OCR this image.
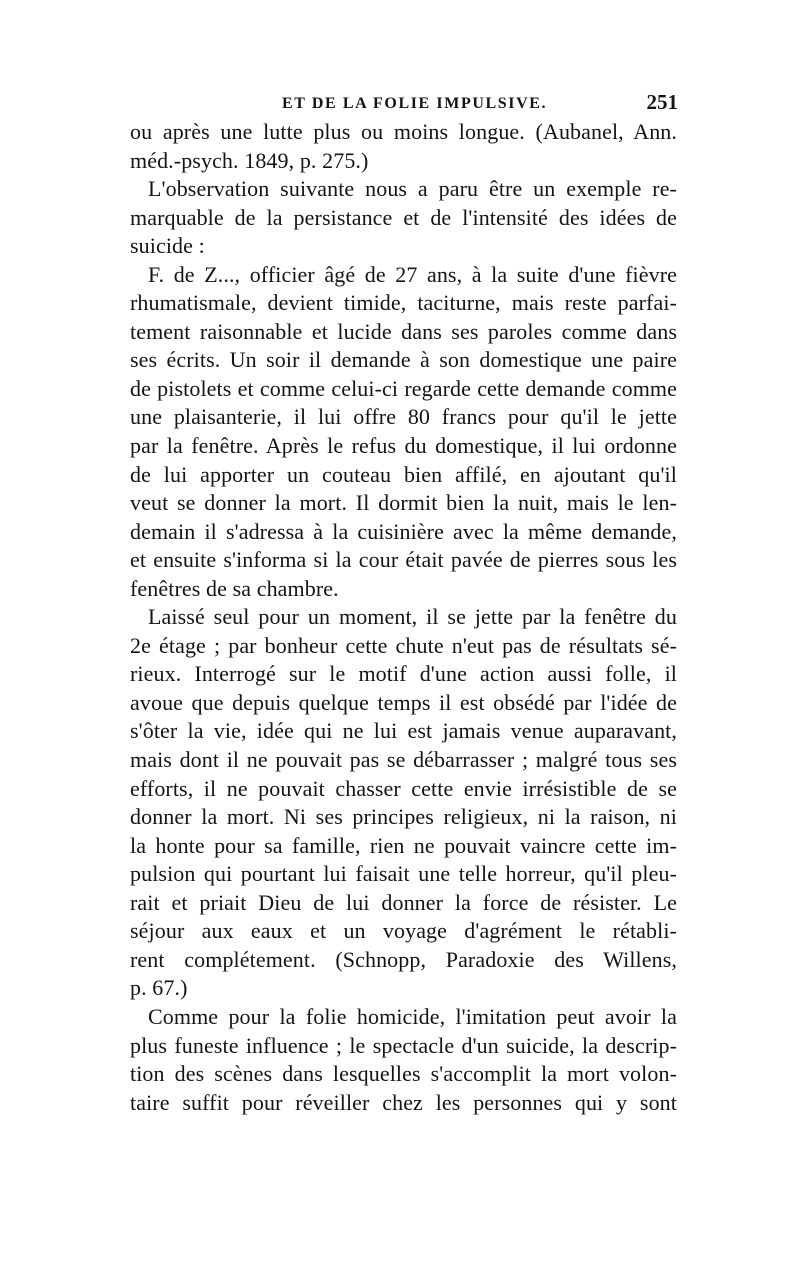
ET DE LA FOLIE IMPULSIVE.	251
ou après une lutte plus ou moins longue. (Aubanel, Ann.
méd.-psych. 1849, p. 275.)
L'observation suivante nous a paru être un exemple re-
marquable de la persistance et de l'intensité des idées de
suicide :
F. de Z..., officier âgé de 27 ans, à la suite d'une fièvre
rhumatismale, devient timide, taciturne, mais reste parfai-
tement raisonnable et lucide dans ses paroles comme dans
ses écrits. Un soir il demande à son domestique une paire
de pistolets et comme celui-ci regarde cette demande comme
une plaisanterie, il lui offre 80 francs pour qu'il le jette
par la fenêtre. Après le refus du domestique, il lui ordonne
de lui apporter un couteau bien affilé, en ajoutant qu'il
veut se donner la mort. Il dormit bien la nuit, mais le len-
demain il s'adressa à la cuisinière avec la même demande,
et ensuite s'informa si la cour était pavée de pierres sous les
fenêtres de sa chambre.
Laissé seul pour un moment, il se jette par la fenêtre du
2e étage ; par bonheur cette chute n'eut pas de résultats sé-
rieux. Interrogé sur le motif d'une action aussi folle, il
avoue que depuis quelque temps il est obsédé par l'idée de
s'ôter la vie, idée qui ne lui est jamais venue auparavant,
mais dont il ne pouvait pas se débarrasser ; malgré tous ses
efforts, il ne pouvait chasser cette envie irrésistible de se
donner la mort. Ni ses principes religieux, ni la raison, ni
la honte pour sa famille, rien ne pouvait vaincre cette im-
pulsion qui pourtant lui faisait une telle horreur, qu'il pleu-
rait et priait Dieu de lui donner la force de résister. Le
séjour aux eaux et un voyage d'agrément le rétabli-
rent complétement. (Schnopp, Paradoxie des Willens,
p. 67.)
Comme pour la folie homicide, l'imitation peut avoir la
plus funeste influence ; le spectacle d'un suicide, la descrip-
tion des scènes dans lesquelles s'accomplit la mort volon-
taire suffit pour réveiller chez les personnes qui y sont
